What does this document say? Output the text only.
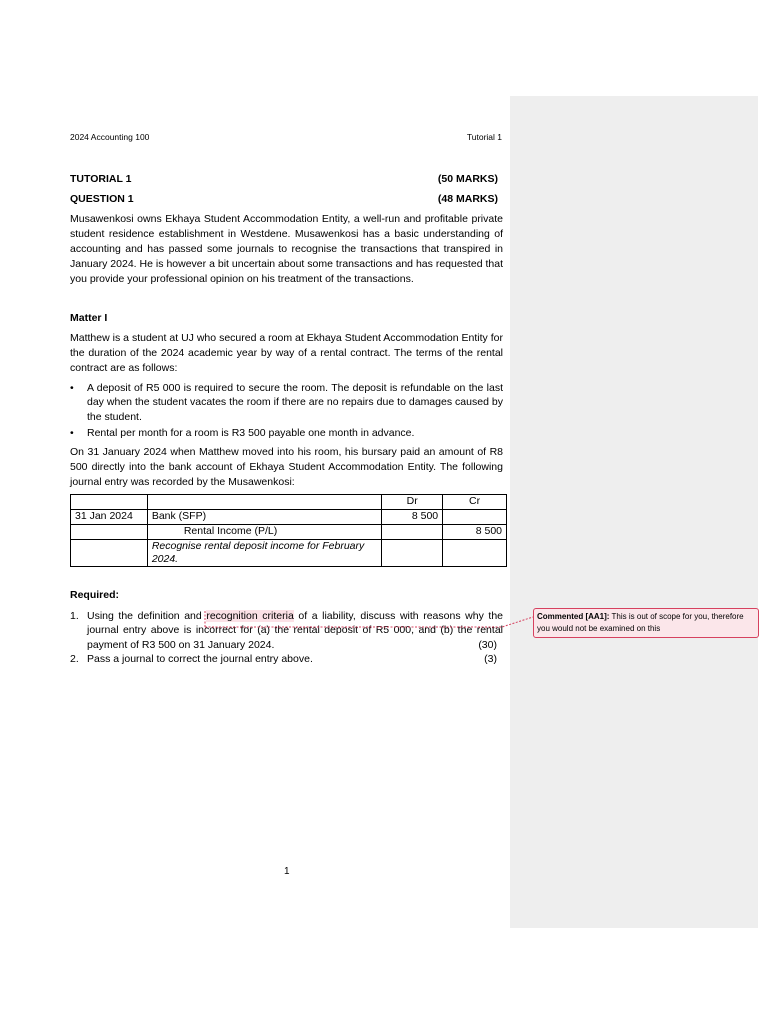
2024 Accounting 100	Tutorial 1
TUTORIAL 1	(50 MARKS)
QUESTION 1	(48 MARKS)

Musawenkosi owns Ekhaya Student Accommodation Entity, a well-run and profitable private student residence establishment in Westdene. Musawenkosi has a basic understanding of accounting and has passed some journals to recognise the transactions that transpired in January 2024. He is however a bit uncertain about some transactions and has requested that you provide your professional opinion on his treatment of the transactions.

Matter I

Matthew is a student at UJ who secured a room at Ekhaya Student Accommodation Entity for the duration of the 2024 academic year by way of a rental contract. The terms of the rental contract are as follows:

• A deposit of R5 000 is required to secure the room. The deposit is refundable on the last day when the student vacates the room if there are no repairs due to damages caused by the student.
• Rental per month for a room is R3 500 payable one month in advance.

On 31 January 2024 when Matthew moved into his room, his bursary paid an amount of R8 500 directly into the bank account of Ekhaya Student Accommodation Entity. The following journal entry was recorded by the Musawenkosi:

		Dr	Cr
31 Jan 2024	Bank (SFP)	8 500	
	Rental Income (P/L)		8 500
	Recognise rental deposit income for February 2024.		
Required:
1. Using the definition and recognition criteria of a liability, discuss with reasons why the journal entry above is incorrect for (a) the rental deposit of R5 000, and (b) the rental payment of R3 500 on 31 January 2024.	(30)
2. Pass a journal to correct the journal entry above.	(3)
Commented [AA1]: This is out of scope for you, therefore you would not be examined on this
1
